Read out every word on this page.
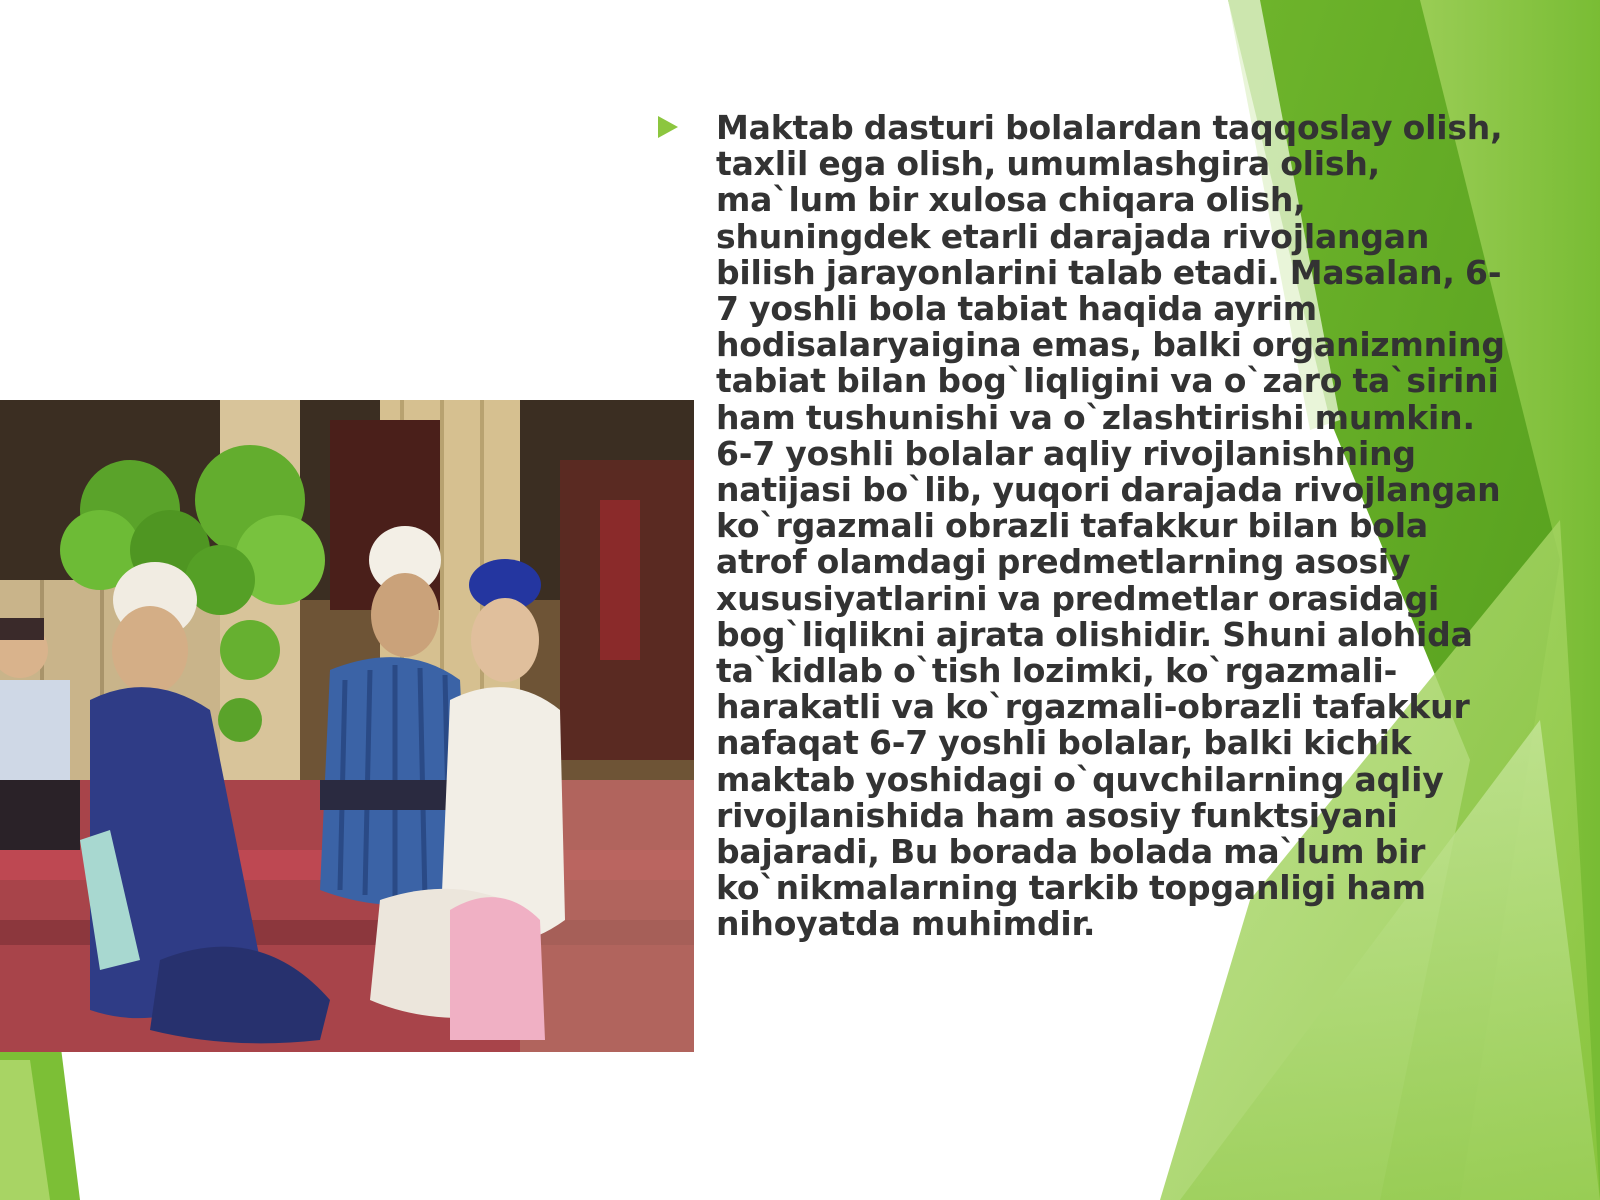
Maktab dasturi bolalardan taqqoslay olish, taxlil ega olish, umumlashgira olish, ma`lum bir xulosa chiqara olish, shuningdek etarli darajada rivojlangan bilish jarayonlarini talab etadi. Masalan, 6-7 yoshli bola tabiat haqida ayrim hodisalaryaigina emas, balki organizmning tabiat bilan bog`liqligini va o`zaro ta`sirini ham tushunishi va o`zlashtirishi mumkin. 6-7 yoshli bolalar aqliy rivojlanishning natijasi bo`lib, yuqori darajada rivojlangan ko`rgazmali obrazli tafakkur bilan bola atrof olamdagi predmetlarning asosiy xususiyatlarini va predmetlar orasidagi bog`liqlikni ajrata olishidir. Shuni alohida ta`kidlab o`tish lozimki, ko`rgazmali-harakatli va ko`rgazmali-obrazli tafakkur nafaqat 6-7 yoshli bolalar, balki kichik maktab yoshidagi o`quvchilarning aqliy rivojlanishida ham asosiy funktsiyani bajaradi, Bu borada bolada ma`lum bir ko`nikmalarning tarkib topganligi ham nihoyatda muhimdir.
